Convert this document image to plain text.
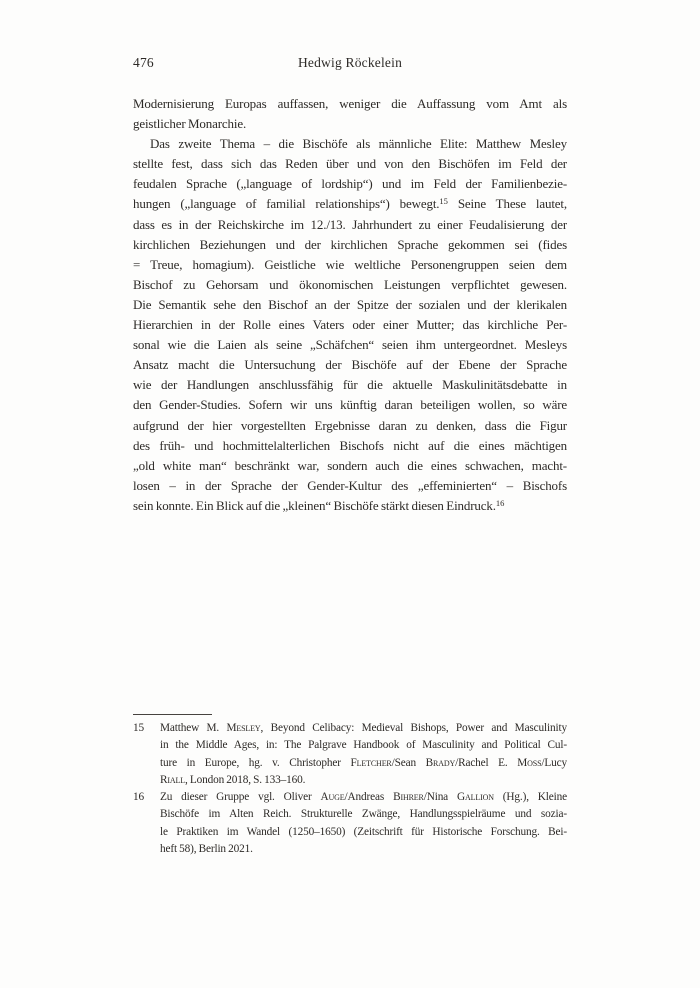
476	Hedwig Röckelein
Modernisierung Europas auffassen, weniger die Auffassung vom Amt als
geistlicher Monarchie.
Das zweite Thema – die Bischöfe als männliche Elite: Matthew Mesley
stellte fest, dass sich das Reden über und von den Bischöfen im Feld der
feudalen Sprache („language of lordship“) und im Feld der Familienbezie-
hungen („language of familial relationships“) bewegt.$^{15}$ Seine These lautet,
dass es in der Reichskirche im 12./13. Jahrhundert zu einer Feudalisierung der
kirchlichen Beziehungen und der kirchlichen Sprache gekommen sei (fides
= Treue, homagium). Geistliche wie weltliche Personengruppen seien dem
Bischof zu Gehorsam und ökonomischen Leistungen verpflichtet gewesen.
Die Semantik sehe den Bischof an der Spitze der sozialen und der klerikalen
Hierarchien in der Rolle eines Vaters oder einer Mutter; das kirchliche Per-
sonal wie die Laien als seine „Schäfchen“ seien ihm untergeordnet. Mesleys
Ansatz macht die Untersuchung der Bischöfe auf der Ebene der Sprache
wie der Handlungen anschlussfähig für die aktuelle Maskulinitätsdebatte in
den Gender-Studies. Sofern wir uns künftig daran beteiligen wollen, so wäre
aufgrund der hier vorgestellten Ergebnisse daran zu denken, dass die Figur
des früh- und hochmittelalterlichen Bischofs nicht auf die eines mächtigen
„old white man“ beschränkt war, sondern auch die eines schwachen, macht-
losen – in der Sprache der Gender-Kultur des „effeminierten“ – Bischofs
sein konnte. Ein Blick auf die „kleinen“ Bischöfe stärkt diesen Eindruck.$^{16}$
15 Matthew M. Mesley, Beyond Celibacy: Medieval Bishops, Power and Masculinity
in the Middle Ages, in: The Palgrave Handbook of Masculinity and Political Cul-
ture in Europe, hg. v. Christopher Fletcher/Sean Brady/Rachel E. Moss/Lucy
Riall, London 2018, S. 133–160.
16 Zu dieser Gruppe vgl. Oliver Auge/Andreas Bihrer/Nina Gallion (Hg.), Kleine
Bischöfe im Alten Reich. Strukturelle Zwänge, Handlungsspielräume und sozia-
le Praktiken im Wandel (1250–1650) (Zeitschrift für Historische Forschung. Bei-
heft 58), Berlin 2021.
